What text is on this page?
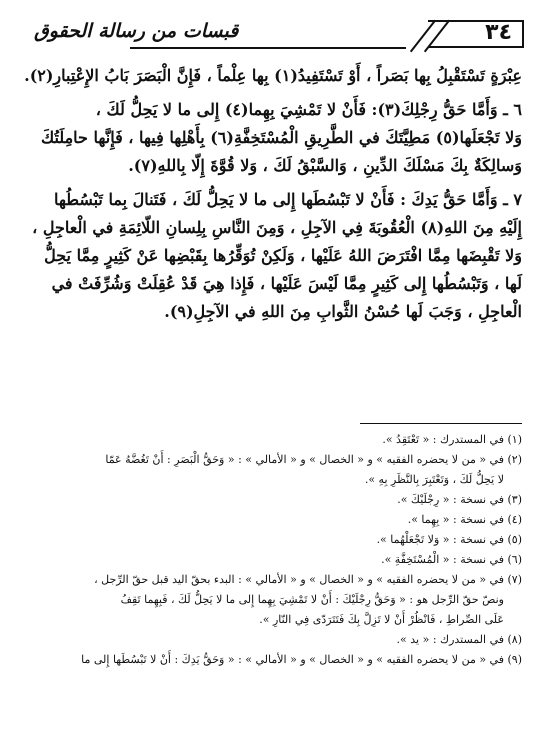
٣٤
قبسات من رسالة الحقوق
عِبْرَةٍ تَسْتَقْبِلُ بِها بَصَراً ، أَوْ تَسْتَفِيدُ(١) بِها عِلْماً ، فَإِنَّ الْبَصَرَ بَابُ الإِعْتِبارِ(٢).
٦ ـ وَأَمَّا حَقُّ رِجْلِكَ(٣): فَأَنْ لا تَمْشِيَ بِهِما(٤) إِلى ما لا يَحِلُّ لَكَ ،
وَلا تَجْعَلَها(٥) مَطِيَّتَكَ في الطَّرِيقِ الْمُسْتَخِفَّةِ(٦) بِأَهْلِها فِيها ، فَإِنَّها حامِلَتُكَ
وَسالِكَةٌ بِكَ مَسْلَكَ الدِّينِ ، وَالسَّبْقُ لَكَ ، وَلا قُوَّةَ إِلّا بِاللهِ(٧).
٧ ـ وَأَمَّا حَقُّ يَدِكَ : فَأَنْ لا تَبْسُطَها إِلى ما لا يَحِلُّ لَكَ ، فَتَنالَ بِما تَبْسُطُها
إِلَيْهِ مِنَ اللهِ(٨) الْعُقُوبَةَ فِي الآجِلِ ، وَمِنَ النَّاسِ بِلِسانِ اللّائِمَةِ في الْعاجِلِ ،
وَلا تَقْبِضَها مِمَّا افْتَرَضَ اللهُ عَلَيْها ، وَلَكِنْ تُوَقِّرُها بِقَبْضِها عَنْ كَثِيرٍ مِمَّا يَحِلُّ
لَها ، وَتَبْسُطُها إِلى كَثِيرٍ مِمَّا لَيْسَ عَلَيْها ، فَإِذا هِيَ قَدْ عُقِلَتْ وَشُرِّفَتْ في
الْعاجِلِ ، وَجَبَ لَها حُسْنُ الثَّوابِ مِنَ اللهِ في الآجِلِ(٩).
(١) في المستدرك : « تَعْتَقِدُ ».
(٢) في « من لا يحضره الفقيه » و « الخصال » و « الأمالي » : « وَحَقُّ الْبَصَرِ : أَنْ تَغُضَّهُ عَمّا
لا يَحِلُّ لَكَ ، وَتَعْتَبِرَ بِالنَّظَرِ بِهِ ».
(٣) في نسخة : « رِجْلَيْكَ ».
(٤) في نسخة : « بِهِما ».
(٥) في نسخة : « وَلا تَجْعَلْهُما ».
(٦) في نسخة : « الْمُسْتَخِفَّةِ ».
(٧) في « من لا يحضره الفقيه » و « الخصال » و « الأمالي » : البدء بحقّ اليد قبل حقّ الرِّجل ،
ونصّ حقّ الرِّجل هو : « وَحَقُّ رِجْلَيْكَ : أَنْ لا تَمْشِيَ بِهِما إِلى ما لا يَحِلُّ لَكَ ، فَبِهِما تَقِفُ
عَلَى الصِّراطِ ، فَانْظُرْ أَنْ لا تَزِلَّ بِكَ فَتَتَرَدّى فِي النّارِ ».
(٨) في المستدرك : « يد ».
(٩) في « من لا يحضره الفقيه » و « الخصال » و « الأمالي » : « وَحَقُّ يَدِكَ : أَنْ لا تَبْسُطَها إِلى ما
